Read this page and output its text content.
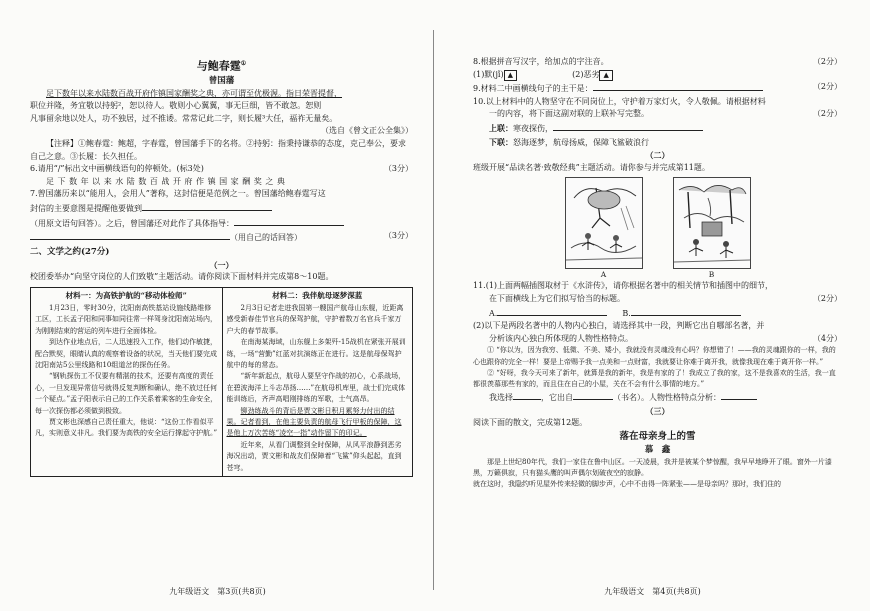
与鲍春霆①
曾国藩

足下数年以来水陆数百战开府作镇国家酬奖之典，亦可谓至优极渥。指日荣晋提督，

职位并隆，务宜敬以持躬²，恕以待人。敬则小心翼翼，事无巨细，皆不敢忽。恕则

凡事留余地以处人，功不独居，过不推诿。常常记此二字，则长履³大任，福祚无量矣。

（选自《曾文正公全集》）

【注释】①鲍春霆：鲍超，字春霆，曾国藩手下的名将。②持躬：指秉持谦恭的态度，克己奉公，要求自己之意。③长履：长久担任。

6.请用“/”标出文中画横线语句的停顿处。(标3处)	（3分）

足 下 数 年 以 来 水 陆 数 百 战 开 府 作 镇 国 家 酬 奖 之 典

7.曾国藩历来以“能用人，会用人”著称，这封信便是范例之一。曾国藩给鲍春霆写这

封信的主要意图是提醒他要做到

（用原文语句回答）。之后，曾国藩还对此作了具体指导：

（用自己的话回答）	（3分）

二、文学之约(27分)

（一）

校团委举办“向坚守岗位的人们致敬”主题活动。请你阅读下面材料并完成第8～10题。

材料一：为高铁护航的“移动体检师”

1月23日，零时30分，沈阳南高铁基站设施线路维修工区，工长孟子阳和同事如同往常一样驾身沈阳南站场内，为刚刚结束的营运的列车进行全面体检。

到达作业地点后，二人迅速投入工作，他们动作敏捷，配合默契，眼睛认真的观察着设备的状况，当天他们要完成沈阳南站5公里线路和10组道岔的探伤任务。

“钢轨探伤工不仅要有精湛的技术，还要有高度的责任心，一旦发现异常信号就得反复判断和确认，绝不放过任何一个疑点。”孟子阳表示自己的工作关系着乘客的生命安全，每一次探伤都必须做到极致。

贾文彬也深感自己责任重大，他说：“这份工作看似平凡，实则意义非凡。我们要为高铁的安全运行撑起守护航。”

材料二：我伴航母逐梦深蓝

2月3日记者走进我国第一艘国产航母山东舰，近距离感受新春佳节官兵的保驾护航，守护着数万名官兵千家万户大的春节故事。

在南海某海域，山东舰上多架歼-15战机在紧张开展训练，一场“营勤”红蓝对抗演练正在进行。这是航母保驾护航中的每的常态。

“新年新起点，航母人要坚守作战的初心，心系战场，在碧波海洋上斗志昂扬……”在航母机库里，战士们完成体能训练后，齐声高唱刚排练的军歌，士气高昂。

铆劲练战斗的背后是贾文彬日积月累努力付出的结果。记者看到，在他主要负责的航母飞行甲板的保障，这是他上万次苦练“凌空一指”动作留下的印记。

近年来，从看门调整到全时保障，从风平浪静到恶劣海况出动，贾文彬和战友们保障着“飞鲨”仰头起起，直到苍穹。

九年级语文　第3页(共8页)

8.根据拼音写汉字，给加点的字注音。	（2分）

(1)默(jǐ) ▲	(2)恶劣 ▲

9.材料二中画横线句子的主干是：	（2分）

10.以上材料中的人物坚守在不同岗位上，守护着万家灯火，令人敬佩。请根据材料

一的内容，将下面这副对联的上联补写完整。	（2分）

上联：寒夜探伤，

下联：怒海逐梦，航母扬威，保障飞鲨破浪行

（二）

班级开展“品读名著·致敬经典”主题活动。请你参与并完成第11题。

A	B

11.(1)上面两幅插图取材于《水浒传》，请你根据名著中的相关情节和插图中的细节，

在下面横线上为它们拟写恰当的标题。	（2分）

A.	B.

(2)以下是两段名著中的人物内心独白，请选择其中一段，判断它出自哪部名著，并

分析该内心独白所体现的人物性格特点。	（4分）

① “你以为，因为我穷、低微、不美、矮小，我就没有灵魂没有心吗？你想错了！——我的灵魂跟你的一样，我的心也跟你的完全一样！要是上帝赐予我一点美和一点财富，我就要让你难于离开我，就像我现在难于离开你一样。”

② “好呀，我今天可来了新年，就算是我的新年，我是有家的了！我成立了我的家，这不是我喜欢的生活，我一直都很羡慕那些有家的，而且住在自己的小屋，关在不会有什么事情的地方。”

我选择	，它出自	（书名）。人物性格特点分析：

（三）

阅读下面的散文，完成第12题。

落在母亲身上的雪
慕　鑫

那是上世纪80年代，我们一家住在鲁中山区。一天凌晨，我并是被某个梦惊醒，我早早地睁开了眼。窗外一片漆黑，万籁俱寂，只有猫头鹰的叫声偶尔划破夜空的寂静。

就在这时，我隐约听见屋外传来轻微的脚步声，心中不由得一阵紧张——是母亲吗？那时，我们住的

九年级语文　第4页(共8页)
